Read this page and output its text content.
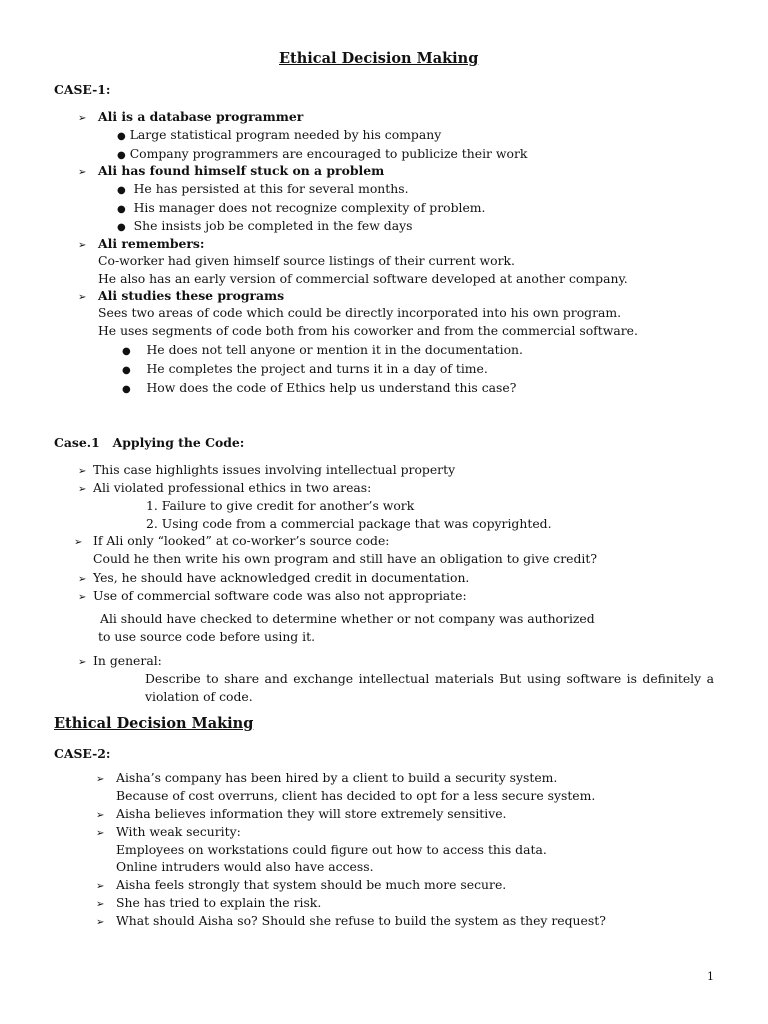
Ethical Decision Making
CASE-1:
➢ Ali is a database programmer
● Large statistical program needed by his company
● Company programmers are encouraged to publicize their work
➢ Ali has found himself stuck on a problem
● He has persisted at this for several months.
● His manager does not recognize complexity of problem.
● She insists job be completed in the few days
➢ Ali remembers:
Co-worker had given himself source listings of their current work.
He also has an early version of commercial software developed at another company.
➢ Ali studies these programs
Sees two areas of code which could be directly incorporated into his own program.
He uses segments of code both from his coworker and from the commercial software.
● He does not tell anyone or mention it in the documentation.
● He completes the project and turns it in a day of time.
● How does the code of Ethics help us understand this case?
Case.1   Applying the Code:
➢ This case highlights issues involving intellectual property
➢ Ali violated professional ethics in two areas:
1. Failure to give credit for another’s work
2. Using code from a commercial package that was copyrighted.
➢ If Ali only “looked” at co-worker’s source code:
Could he then write his own program and still have an obligation to give credit?
➢ Yes, he should have acknowledged credit in documentation.
➢ Use of commercial software code was also not appropriate:
Ali should have checked to determine whether or not company was authorized
to use source code before using it.
➢ In general:
Describe to share and exchange intellectual materials But using software is definitely a violation of code.
Ethical Decision Making
CASE-2:
➢ Aisha’s company has been hired by a client to build a security system.
Because of cost overruns, client has decided to opt for a less secure system.
➢ Aisha believes information they will store extremely sensitive.
➢ With weak security:
Employees on workstations could figure out how to access this data.
Online intruders would also have access.
➢ Aisha feels strongly that system should be much more secure.
➢ She has tried to explain the risk.
➢ What should Aisha so? Should she refuse to build the system as they request?
1
